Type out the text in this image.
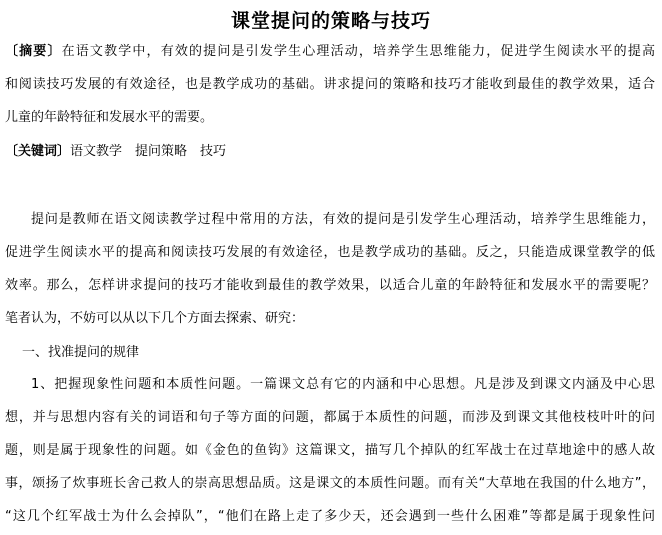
课堂提问的策略与技巧
〔摘要〕在语文教学中，有效的提问是引发学生心理活动，培养学生思维能力，促进学生阅读水平的提高
和阅读技巧发展的有效途径，也是教学成功的基础。讲求提问的策略和技巧才能收到最佳的教学效果，适合
儿童的年龄特征和发展水平的需要。
〔关键词〕语文教学　提问策略　技巧
提问是教师在语文阅读教学过程中常用的方法，有效的提问是引发学生心理活动，培养学生思维能力，
促进学生阅读水平的提高和阅读技巧发展的有效途径，也是教学成功的基础。反之，只能造成课堂教学的低
效率。那么，怎样讲求提问的技巧才能收到最佳的教学效果，以适合儿童的年龄特征和发展水平的需要呢？
笔者认为，不妨可以从以下几个方面去探索、研究：
一、找准提问的规律
1、把握现象性问题和本质性问题。一篇课文总有它的内涵和中心思想。凡是涉及到课文内涵及中心思
想，并与思想内容有关的词语和句子等方面的问题，都属于本质性的问题，而涉及到课文其他枝枝叶叶的问
题，则是属于现象性的问题。如《金色的鱼钩》这篇课文，描写几个掉队的红军战士在过草地途中的感人故
事，颂扬了炊事班长舍己救人的崇高思想品质。这是课文的本质性问题。而有关“大草地在我国的什么地方”，
“这几个红军战士为什么会掉队”，“他们在路上走了多少天，还会遇到一些什么困难”等都是属于现象性问
